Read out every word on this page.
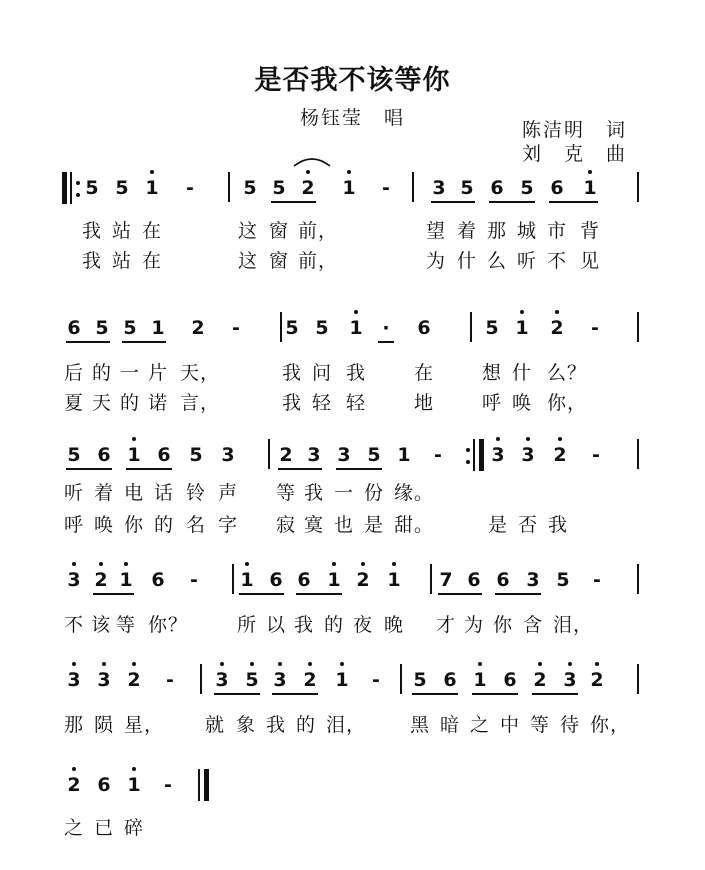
是否我不该等你
杨钰莹　唱
陈洁明　词
刘　克　曲
5 5 1 -	5 5 2 1 - 3 5 6 5 6 1
我 站 在	这 窗 前，	望 着 那 城 市 背
我 站 在	这 窗 前，	为 什 么 听 不 见
6 5 5 1 2 - 5 5 1 · 6	5 1 2 -
后 的 一 片 天，	我 问 我	在	想 什 么？
夏 天 的 诺 言，	我 轻 轻	地	呼 唤 你，
5 6 1 6 5 3 2 3 3 5 1 -	3 3 2 -
听 着 电 话 铃 声 等 我 一 份 缘。
呼 唤 你 的 名 字 寂 寞 也 是 甜。	是 否 我
3 2 1 6 - 1 6 6 1 2 1 7 6 6 3 5 -
不 该 等 你？	所 以 我 的 夜 晚 才 为 你 含 泪，
3 3 2 - 3 5 3 2 1 - 5 6 1 6 2 3 2
那 陨 星， 就 象 我 的 泪， 黑 暗 之 中 等 待 你，
2 6 1 -
之 已 碎
